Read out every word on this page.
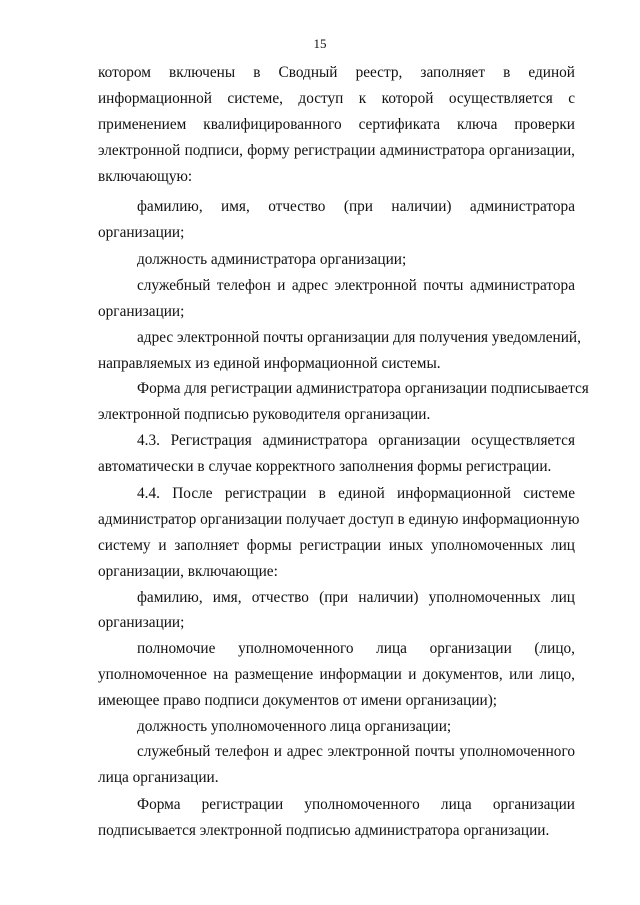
15
котором включены в Сводный реестр, заполняет в единой
информационной системе, доступ к которой осуществляется с
применением квалифицированного сертификата ключа проверки
электронной подписи, форму регистрации администратора организации,
включающую:
фамилию, имя, отчество (при наличии) администратора
организации;
должность администратора организации;
служебный телефон и адрес электронной почты администратора
организации;
адрес электронной почты организации для получения уведомлений,
направляемых из единой информационной системы.
Форма для регистрации администратора организации подписывается
электронной подписью руководителя организации.
4.3. Регистрация администратора организации осуществляется
автоматически в случае корректного заполнения формы регистрации.
4.4. После регистрации в единой информационной системе
администратор организации получает доступ в единую информационную
систему и заполняет формы регистрации иных уполномоченных лиц
организации, включающие:
фамилию, имя, отчество (при наличии) уполномоченных лиц
организации;
полномочие уполномоченного лица организации (лицо,
уполномоченное на размещение информации и документов, или лицо,
имеющее право подписи документов от имени организации);
должность уполномоченного лица организации;
служебный телефон и адрес электронной почты уполномоченного
лица организации.
Форма регистрации уполномоченного лица организации
подписывается электронной подписью администратора организации.
